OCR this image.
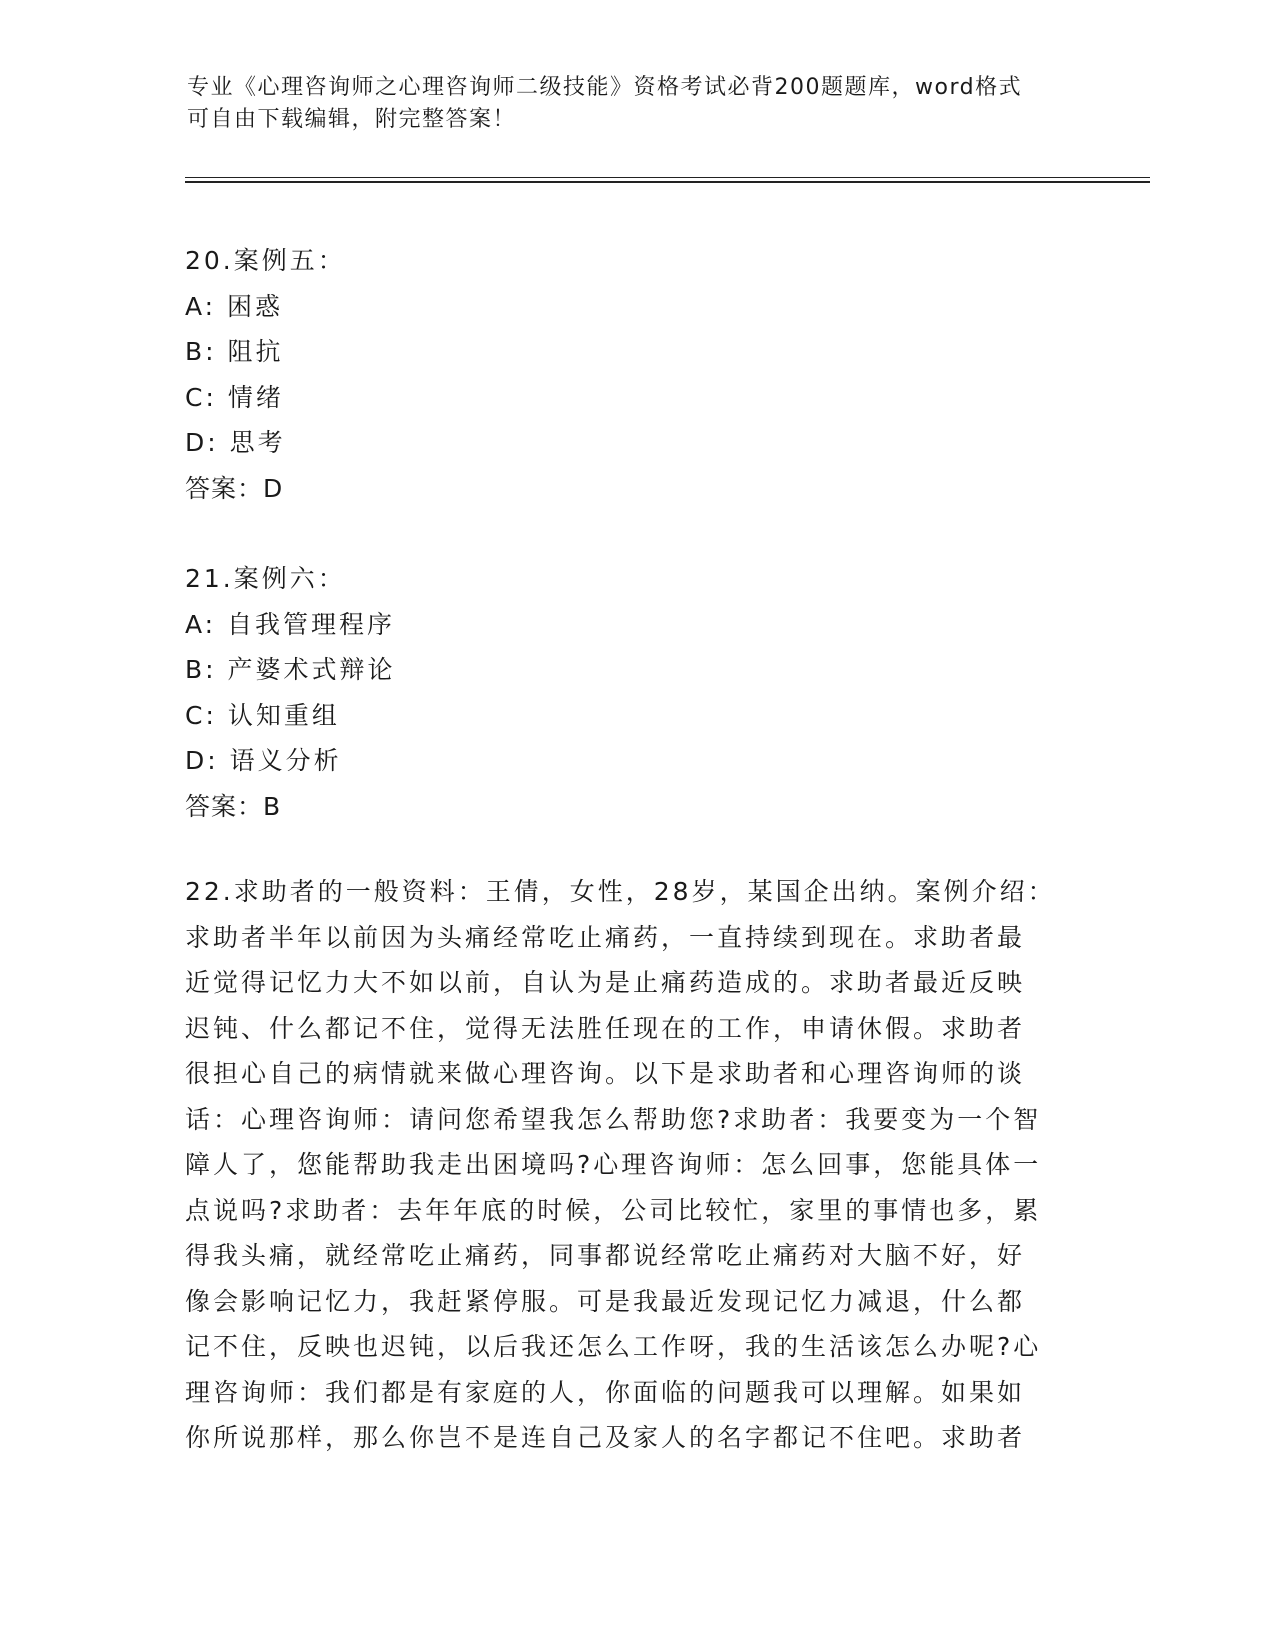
专业《心理咨询师之心理咨询师二级技能》资格考试必背200题题库，word格式
可自由下载编辑，附完整答案！
20.案例五：
A: 困惑
B: 阻抗
C: 情绪
D: 思考
答案：D
21.案例六：
A: 自我管理程序
B: 产婆术式辩论
C: 认知重组
D: 语义分析
答案：B
22.求助者的一般资料：王倩，女性，28岁，某国企出纳。案例介绍：
求助者半年以前因为头痛经常吃止痛药，一直持续到现在。求助者最
近觉得记忆力大不如以前，自认为是止痛药造成的。求助者最近反映
迟钝、什么都记不住，觉得无法胜任现在的工作，申请休假。求助者
很担心自己的病情就来做心理咨询。以下是求助者和心理咨询师的谈
话：心理咨询师：请问您希望我怎么帮助您?求助者：我要变为一个智
障人了，您能帮助我走出困境吗?心理咨询师：怎么回事，您能具体一
点说吗?求助者：去年年底的时候，公司比较忙，家里的事情也多，累
得我头痛，就经常吃止痛药，同事都说经常吃止痛药对大脑不好，好
像会影响记忆力，我赶紧停服。可是我最近发现记忆力减退，什么都
记不住，反映也迟钝，以后我还怎么工作呀，我的生活该怎么办呢?心
理咨询师：我们都是有家庭的人，你面临的问题我可以理解。如果如
你所说那样，那么你岂不是连自己及家人的名字都记不住吧。求助者
